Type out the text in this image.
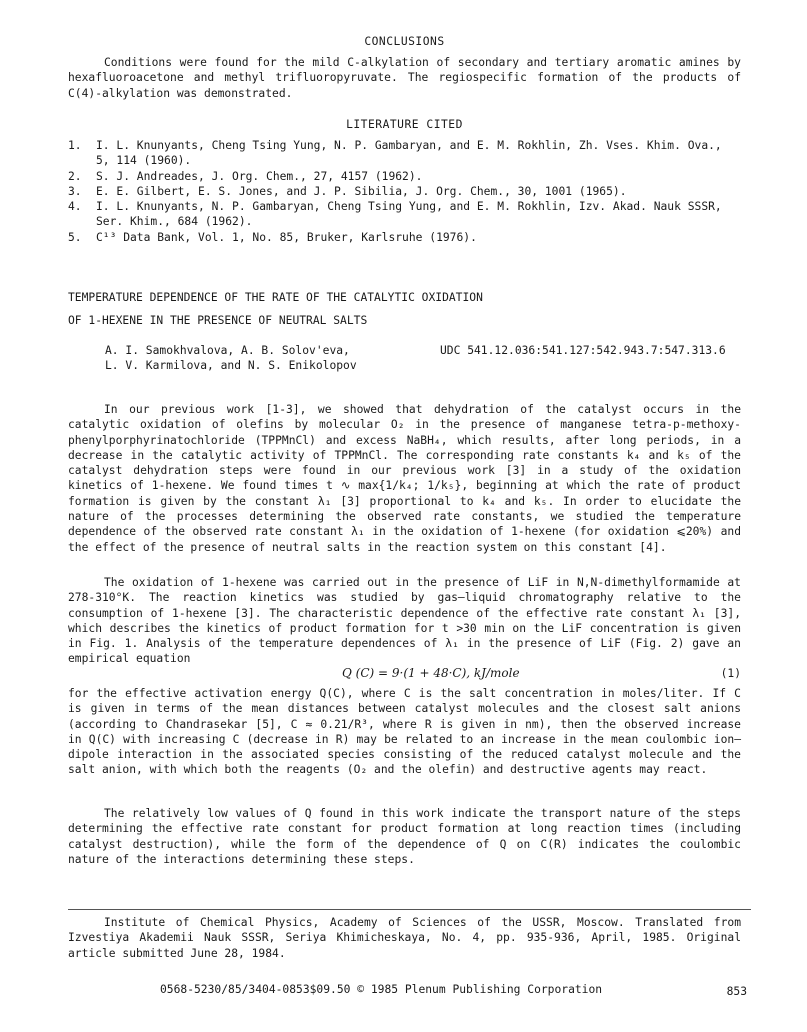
CONCLUSIONS

Conditions were found for the mild C-alkylation of secondary and tertiary aromatic amines by hexafluoroacetone and methyl trifluoropyruvate. The regiospecific formation of the products of C(4)-alkylation was demonstrated.

LITERATURE CITED
1.	I. L. Knunyants, Cheng Tsing Yung, N. P. Gambaryan, and E. M. Rokhlin, Zh. Vses. Khim. Ova., 5, 114 (1960).
2.	S. J. Andreades, J. Org. Chem., 27, 4157 (1962).
3.	E. E. Gilbert, E. S. Jones, and J. P. Sibilia, J. Org. Chem., 30, 1001 (1965).
4.	I. L. Knunyants, N. P. Gambaryan, Cheng Tsing Yung, and E. M. Rokhlin, Izv. Akad. Nauk SSSR, Ser. Khim., 684 (1962).
5.	C¹³ Data Bank, Vol. 1, No. 85, Bruker, Karlsruhe (1976).
TEMPERATURE DEPENDENCE OF THE RATE OF THE CATALYTIC OXIDATION
OF 1-HEXENE IN THE PRESENCE OF NEUTRAL SALTS
A. I. Samokhvalova, A. B. Solov'eva,
L. V. Karmilova, and N. S. Enikolopov
UDC 541.12.036:541.127:542.943.7:547.313.6

In our previous work [1-3], we showed that dehydration of the catalyst occurs in the catalytic oxidation of olefins by molecular O₂ in the presence of manganese tetra-p-methoxy-phenylporphyrinatochloride (TPPMnCl) and excess NaBH₄, which results, after long periods, in a decrease in the catalytic activity of TPPMnCl. The corresponding rate constants k₄ and k₅ of the catalyst dehydration steps were found in our previous work [3] in a study of the oxidation kinetics of 1-hexene. We found times t ∿ max{1/k₄; 1/k₅}, beginning at which the rate of product formation is given by the constant λ₁ [3] proportional to k₄ and k₅. In order to elucidate the nature of the processes determining the observed rate constants, we studied the temperature dependence of the observed rate constant λ₁ in the oxidation of 1-hexene (for oxidation ⩽20%) and the effect of the presence of neutral salts in the reaction system on this constant [4].

The oxidation of 1-hexene was carried out in the presence of LiF in N,N-dimethylformamide at 278-310°K. The reaction kinetics was studied by gas—liquid chromatography relative to the consumption of 1-hexene [3]. The characteristic dependence of the effective rate constant λ₁ [3], which describes the kinetics of product formation for t >30 min on the LiF concentration is given in Fig. 1. Analysis of the temperature dependences of λ₁ in the presence of LiF (Fig. 2) gave an empirical equation

Q (C) = 9·(1 + 48·C), kJ/mole	(1)

for the effective activation energy Q(C), where C is the salt concentration in moles/liter. If C is given in terms of the mean distances between catalyst molecules and the closest salt anions (according to Chandrasekar [5], C ≈ 0.21/R³, where R is given in nm), then the observed increase in Q(C) with increasing C (decrease in R) may be related to an increase in the mean coulombic ion—dipole interaction in the associated species consisting of the reduced catalyst molecule and the salt anion, with which both the reagents (O₂ and the olefin) and destructive agents may react.

The relatively low values of Q found in this work indicate the transport nature of the steps determining the effective rate constant for product formation at long reaction times (including catalyst destruction), while the form of the dependence of Q on C(R) indicates the coulombic nature of the interactions determining these steps.

Institute of Chemical Physics, Academy of Sciences of the USSR, Moscow. Translated from Izvestiya Akademii Nauk SSSR, Seriya Khimicheskaya, No. 4, pp. 935-936, April, 1985. Original article submitted June 28, 1984.

0568-5230/85/3404-0853$09.50 © 1985 Plenum Publishing Corporation	853
